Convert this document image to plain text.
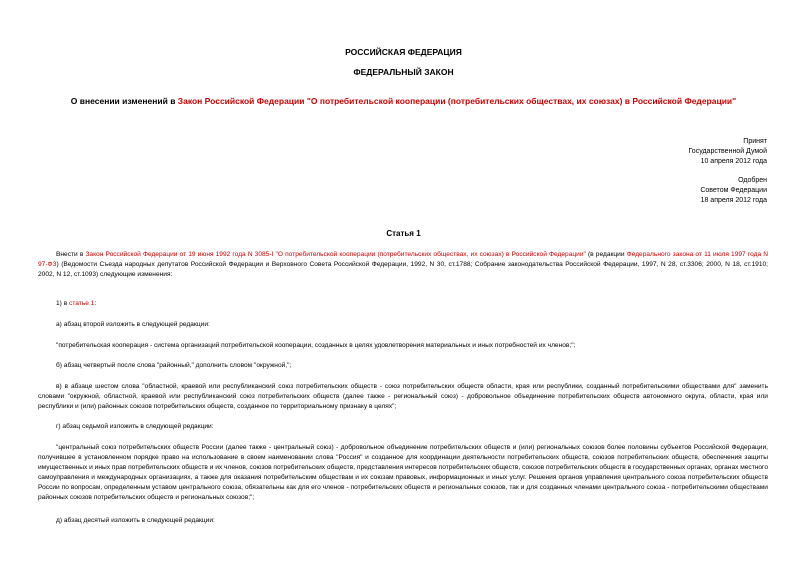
РОССИЙСКАЯ ФЕДЕРАЦИЯ
ФЕДЕРАЛЬНЫЙ ЗАКОН
О внесении изменений в Закон Российской Федерации "О потребительской кооперации (потребительских обществах, их союзах) в Российской Федерации"
Принят
Государственной Думой
10 апреля 2012 года
Одобрен
Советом Федерации
18 апреля 2012 года
Статья 1
Внести в Закон Российской Федерации от 19 июня 1992 года N 3085-I "О потребительской кооперации (потребительских обществах, их союзах) в Российской Федерации" (в редакции Федерального закона от 11 июля 1997 года N 97-ФЗ) (Ведомости Съезда народных депутатов Российской Федерации и Верховного Совета Российской Федерации, 1992, N 30, ст.1788; Собрание законодательства Российской Федерации, 1997, N 28, ст.3306; 2000, N 18, ст.1910; 2002, N 12, ст.1093) следующие изменения:
1) в статье 1:
а) абзац второй изложить в следующей редакции:
"потребительская кооперация - система организаций потребительской кооперации, созданных в целях удовлетворения материальных и иных потребностей их членов;";
б) абзац четвертый после слова "районный," дополнить словом "окружной,";
в) в абзаце шестом слова "областной, краевой или республиканский союз потребительских обществ - союз потребительских обществ области, края или республики, созданный потребительскими обществами для" заменить словами "окружной, областной, краевой или республиканский союз потребительских обществ (далее также - региональный союз) - добровольное объединение потребительских обществ автономного округа, области, края или республики и (или) районных союзов потребительских обществ, созданное по территориальному признаку в целях";
г) абзац седьмой изложить в следующей редакции:
"центральный союз потребительских обществ России (далее также - центральный союз) - добровольное объединение потребительских обществ и (или) региональных союзов более половины субъектов Российской Федерации, получившее в установленном порядке право на использование в своем наименовании слова "Россия" и созданное для координации деятельности потребительских обществ, союзов потребительских обществ, обеспечения защиты имущественных и иных прав потребительских обществ и их членов, союзов потребительских обществ, представления интересов потребительских обществ, союзов потребительских обществ в государственных органах, органах местного самоуправления и международных организациях, а также для оказания потребительским обществам и их союзам правовых, информационных и иных услуг. Решения органов управления центрального союза потребительских обществ России по вопросам, определенным уставом центрального союза, обязательны как для его членов - потребительских обществ и региональных союзов, так и для созданных членами центрального союза - потребительскими обществами районных союзов потребительских обществ и региональных союзов;";
д) абзац десятый изложить в следующей редакции:
